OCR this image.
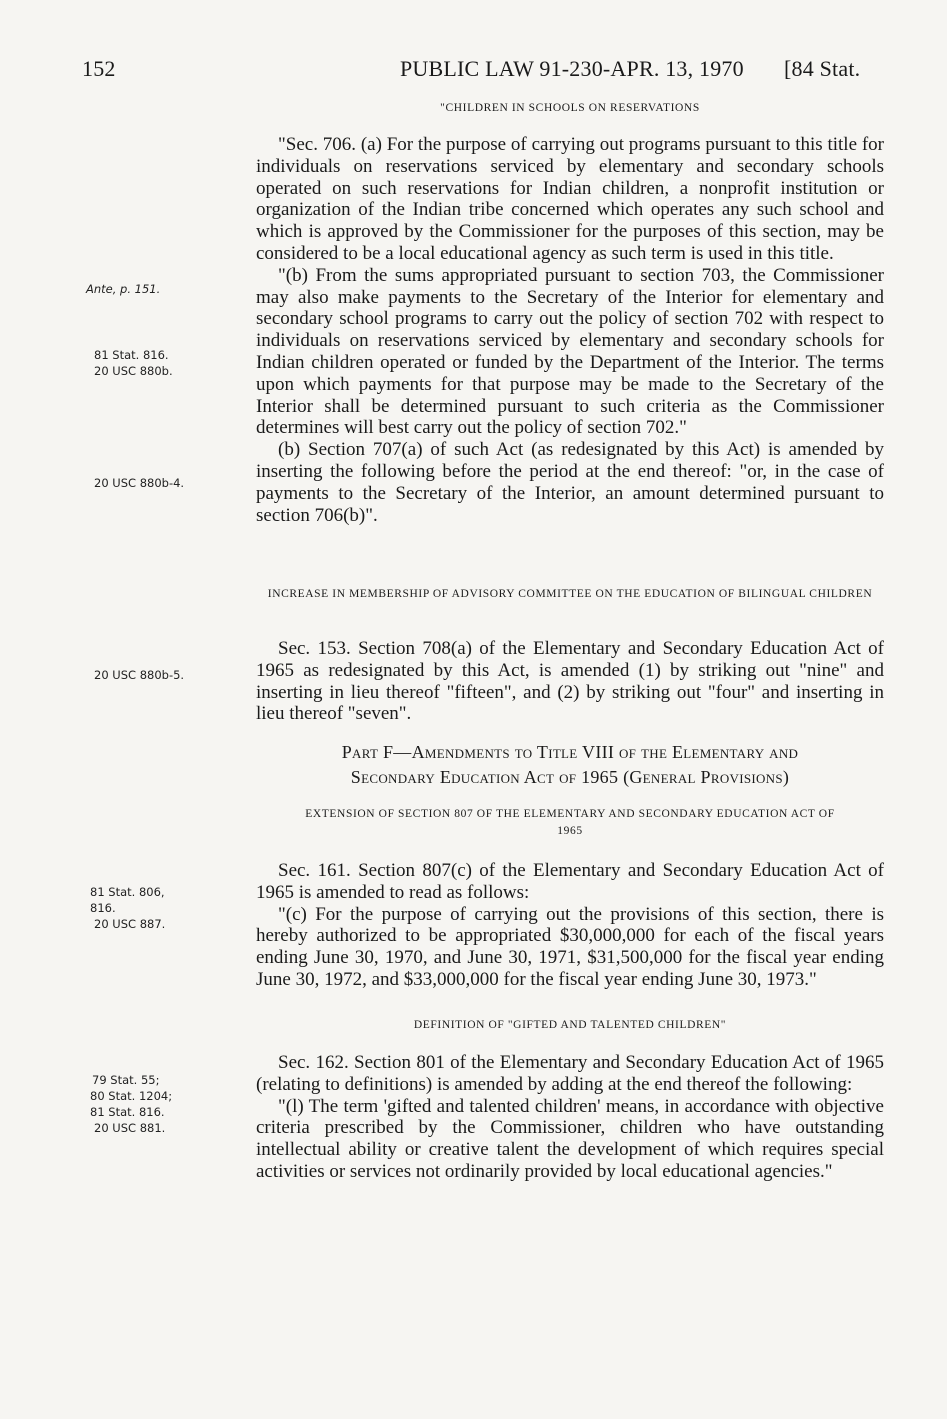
152	PUBLIC LAW 91-230-APR. 13, 1970 [84 Stat.
"CHILDREN IN SCHOOLS ON RESERVATIONS

"Sec. 706. (a) For the purpose of carrying out programs pursuant to this title for individuals on reservations serviced by elementary and secondary schools operated on such reservations for Indian children, a nonprofit institution or organization of the Indian tribe concerned which operates any such school and which is approved by the Commissioner for the purposes of this section, may be considered to be a local educational agency as such term is used in this title.

"(b) From the sums appropriated pursuant to section 703, the Commissioner may also make payments to the Secretary of the Interior for elementary and secondary school programs to carry out the policy of section 702 with respect to individuals on reservations serviced by elementary and secondary schools for Indian children operated or funded by the Department of the Interior. The terms upon which payments for that purpose may be made to the Secretary of the Interior shall be determined pursuant to such criteria as the Commissioner determines will best carry out the policy of section 702."

(b) Section 707(a) of such Act (as redesignated by this Act) is amended by inserting the following before the period at the end thereof: "or, in the case of payments to the Secretary of the Interior, an amount determined pursuant to section 706(b)".

INCREASE IN MEMBERSHIP OF ADVISORY COMMITTEE ON THE EDUCATION OF BILINGUAL CHILDREN

Sec. 153. Section 708(a) of the Elementary and Secondary Education Act of 1965 as redesignated by this Act, is amended (1) by striking out "nine" and inserting in lieu thereof "fifteen", and (2) by striking out "four" and inserting in lieu thereof "seven".

Part F—Amendments to Title VIII of the Elementary and
Secondary Education Act of 1965 (General Provisions)
EXTENSION OF SECTION 807 OF THE ELEMENTARY AND SECONDARY EDUCATION ACT OF 1965

Sec. 161. Section 807(c) of the Elementary and Secondary Education Act of 1965 is amended to read as follows:

"(c) For the purpose of carrying out the provisions of this section, there is hereby authorized to be appropriated $30,000,000 for each of the fiscal years ending June 30, 1970, and June 30, 1971, $31,500,000 for the fiscal year ending June 30, 1972, and $33,000,000 for the fiscal year ending June 30, 1973."

DEFINITION OF "GIFTED AND TALENTED CHILDREN"

Sec. 162. Section 801 of the Elementary and Secondary Education Act of 1965 (relating to definitions) is amended by adding at the end thereof the following:

"(l) The term 'gifted and talented children' means, in accordance with objective criteria prescribed by the Commissioner, children who have outstanding intellectual ability or creative talent the development of which requires special activities or services not ordinarily provided by local educational agencies."

Ante, p. 151.
81 Stat. 816.
20 USC 880b.
20 USC 880b-4.
20 USC 880b-5.
81 Stat. 806,
816.
20 USC 887.
79 Stat. 55;
80 Stat. 1204;
81 Stat. 816.
20 USC 881.
